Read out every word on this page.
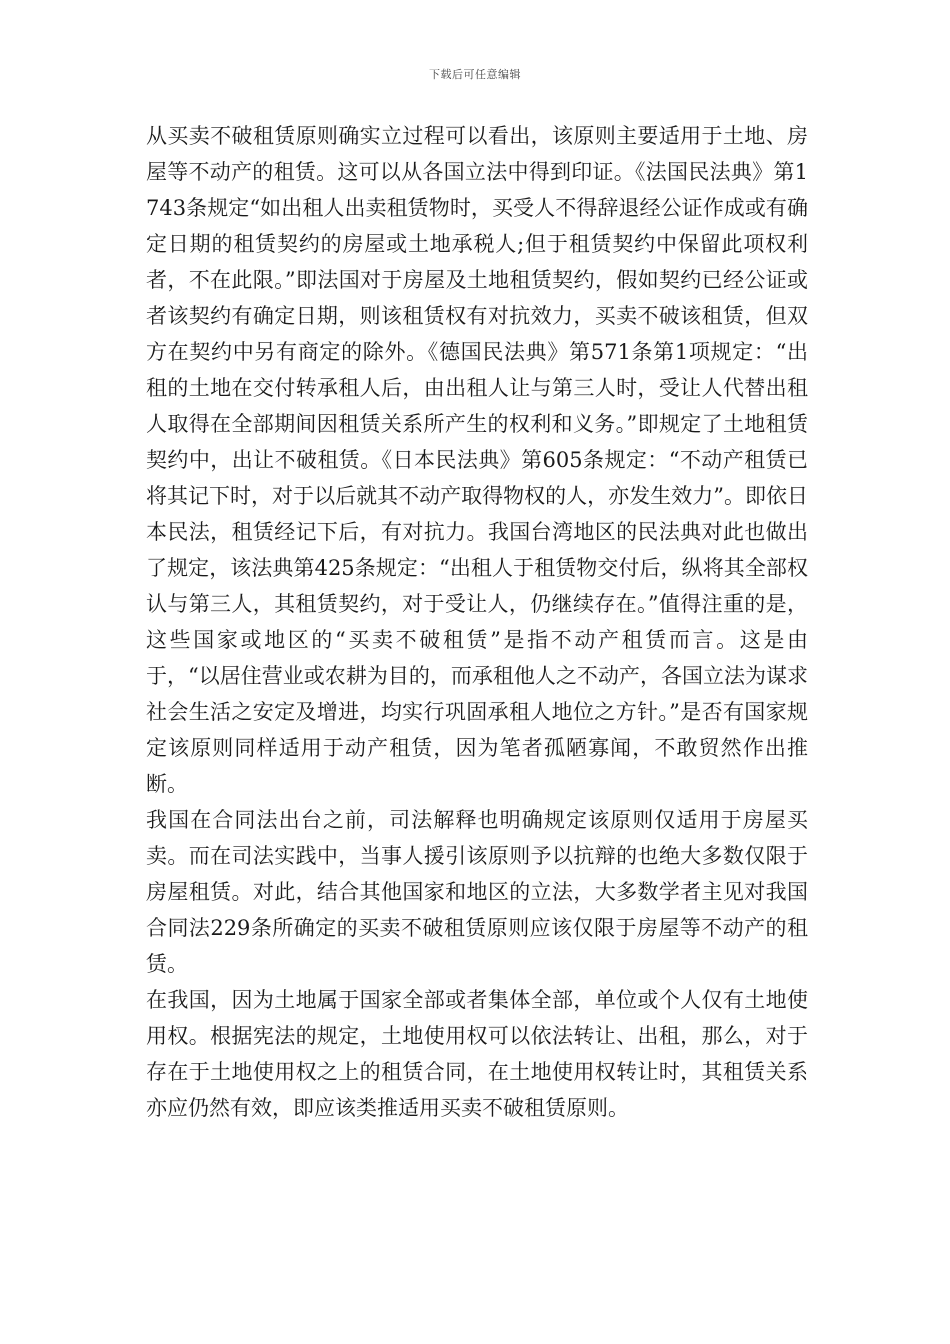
下载后可任意编辑

从买卖不破租赁原则确实立过程可以看出，该原则主要适用于土地、房屋等不动产的租赁。这可以从各国立法中得到印证。《法国民法典》第1743条规定“如出租人出卖租赁物时，买受人不得辞退经公证作成或有确定日期的租赁契约的房屋或土地承税人;但于租赁契约中保留此项权利者，不在此限。”即法国对于房屋及土地租赁契约，假如契约已经公证或者该契约有确定日期，则该租赁权有对抗效力，买卖不破该租赁，但双方在契约中另有商定的除外。《德国民法典》第571条第1项规定：“出租的土地在交付转承租人后，由出租人让与第三人时，受让人代替出租人取得在全部期间因租赁关系所产生的权利和义务。”即规定了土地租赁契约中，出让不破租赁。《日本民法典》第605条规定：“不动产租赁已将其记下时，对于以后就其不动产取得物权的人，亦发生效力”。即依日本民法，租赁经记下后，有对抗力。我国台湾地区的民法典对此也做出了规定，该法典第425条规定：“出租人于租赁物交付后，纵将其全部权认与第三人，其租赁契约，对于受让人，仍继续存在。”值得注重的是，这些国家或地区的“买卖不破租赁”是指不动产租赁而言。这是由于，“以居住营业或农耕为目的，而承租他人之不动产，各国立法为谋求社会生活之安定及增进，均实行巩固承租人地位之方针。”是否有国家规定该原则同样适用于动产租赁，因为笔者孤陋寡闻，不敢贸然作出推断。

我国在合同法出台之前，司法解释也明确规定该原则仅适用于房屋买卖。而在司法实践中，当事人援引该原则予以抗辩的也绝大多数仅限于房屋租赁。对此，结合其他国家和地区的立法，大多数学者主见对我国合同法229条所确定的买卖不破租赁原则应该仅限于房屋等不动产的租赁。

在我国，因为土地属于国家全部或者集体全部，单位或个人仅有土地使用权。根据宪法的规定，土地使用权可以依法转让、出租，那么，对于存在于土地使用权之上的租赁合同，在土地使用权转让时，其租赁关系亦应仍然有效，即应该类推适用买卖不破租赁原则。
